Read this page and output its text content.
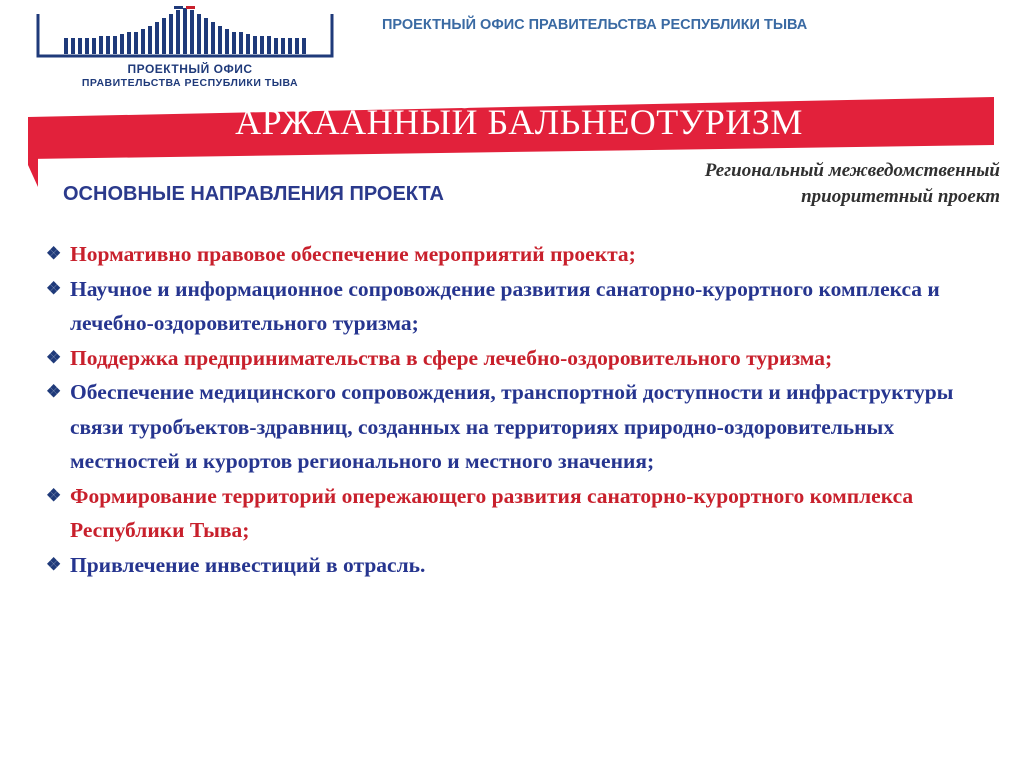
ПРОЕКТНЫЙ ОФИС
ПРАВИТЕЛЬСТВА РЕСПУБЛИКИ ТЫВА
ПРОЕКТНЫЙ ОФИС ПРАВИТЕЛЬСТВА РЕСПУБЛИКИ ТЫВА
АРЖААННЫЙ БАЛЬНЕОТУРИЗМ
Региональный межведомственный
приоритетный проект
ОСНОВНЫЕ НАПРАВЛЕНИЯ ПРОЕКТА
❖ Нормативно правовое обеспечение мероприятий проекта;
❖ Научное и информационное сопровождение развития санаторно-курортного комплекса и лечебно-оздоровительного туризма;
❖ Поддержка предпринимательства в сфере лечебно-оздоровительного туризма;
❖ Обеспечение медицинского сопровождения, транспортной доступности и инфраструктуры связи туробъектов-здравниц, созданных на территориях природно-оздоровительных местностей и курортов регионального и местного значения;
❖ Формирование территорий опережающего развития санаторно-курортного комплекса Республики Тыва;
❖ Привлечение инвестиций в отрасль.
